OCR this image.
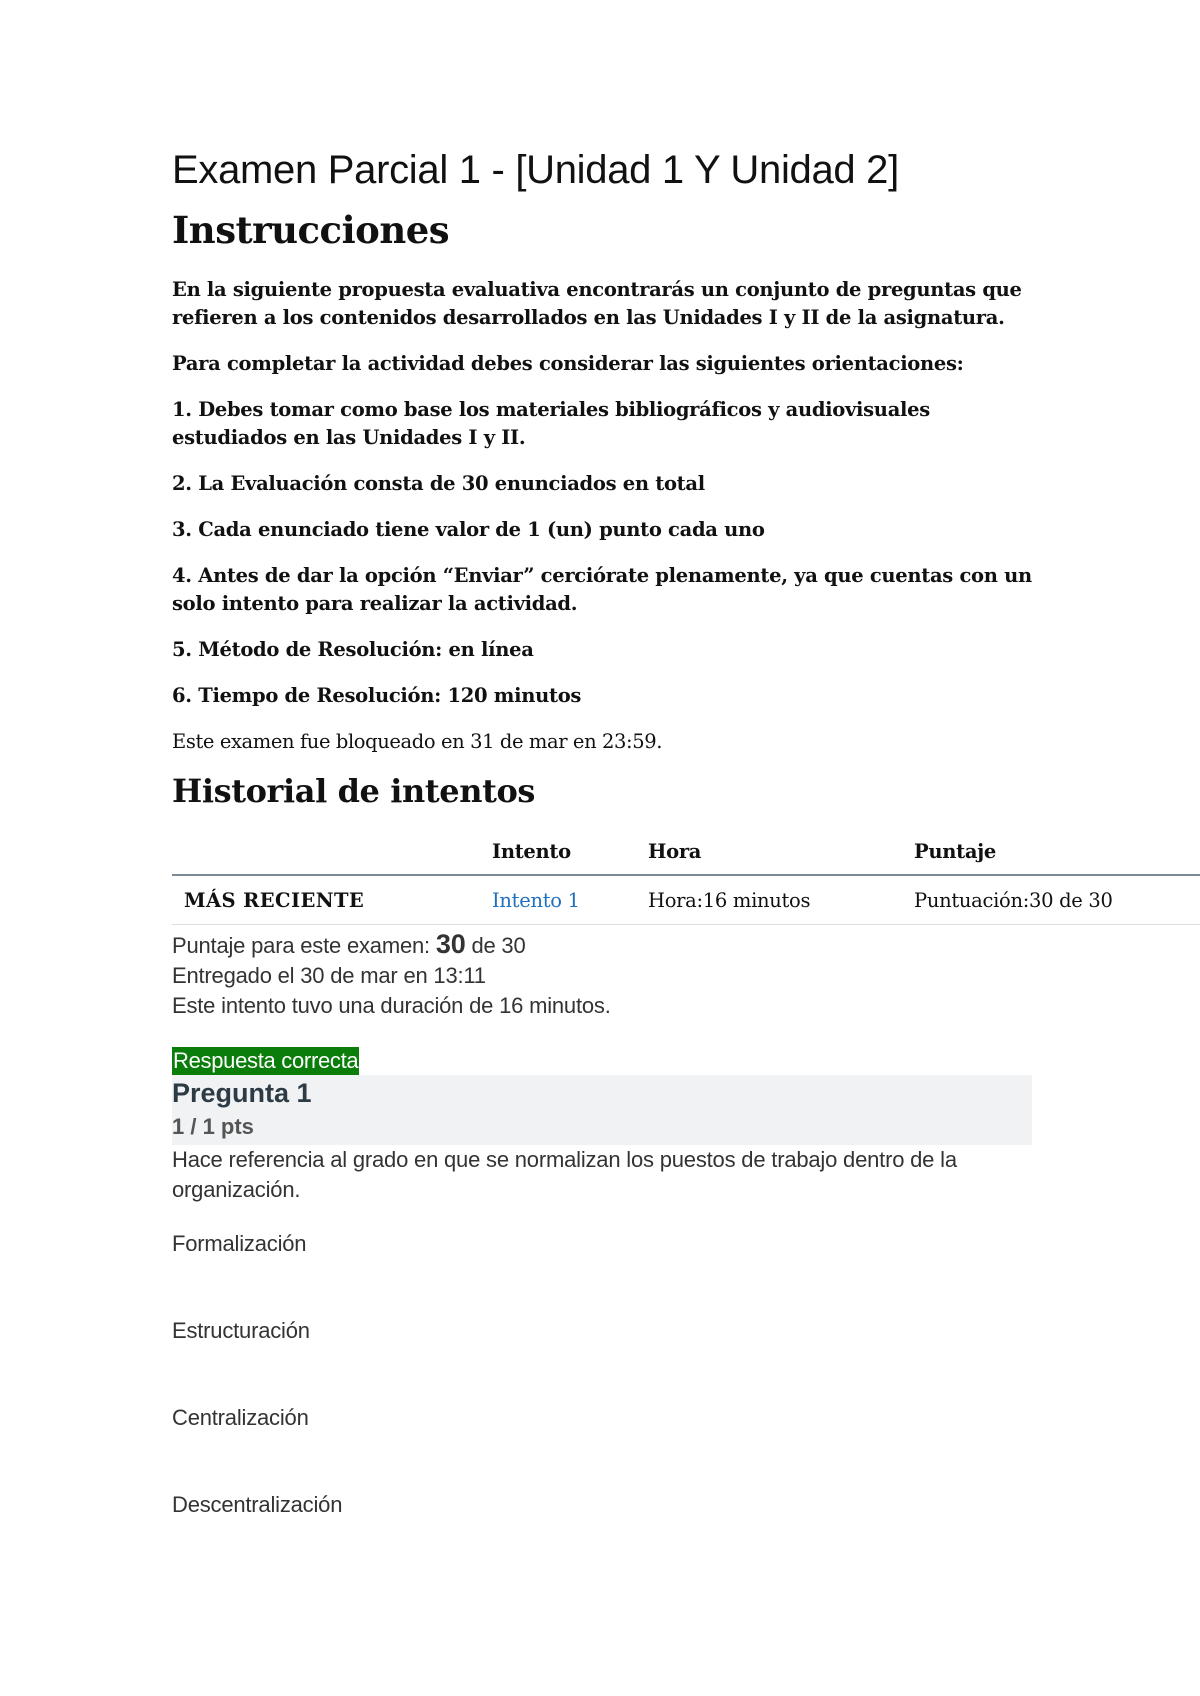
Examen Parcial 1 - [Unidad 1 Y Unidad 2]
Instrucciones

En la siguiente propuesta evaluativa encontrarás un conjunto de preguntas que refieren a los contenidos desarrollados en las Unidades I y II de la asignatura.

Para completar la actividad debes considerar las siguientes orientaciones:

1. Debes tomar como base los materiales bibliográficos y audiovisuales estudiados en las Unidades I y II.

2. La Evaluación consta de 30 enunciados en total

3. Cada enunciado tiene valor de 1 (un) punto cada uno

4. Antes de dar la opción “Enviar” cerciórate plenamente, ya que cuentas con un solo intento para realizar la actividad.

5. Método de Resolución: en línea

6. Tiempo de Resolución: 120 minutos

Este examen fue bloqueado en 31 de mar en 23:59.

Historial de intentos
	Intento	Hora	Puntaje
MÁS RECIENTE	Intento 1	Hora:16 minutos	Puntuación:30 de 30
Puntaje para este examen: 30 de 30
Entregado el 30 de mar en 13:11
Este intento tuvo una duración de 16 minutos.
Respuesta correcta
Pregunta 1
1 / 1 pts
Hace referencia al grado en que se normalizan los puestos de trabajo dentro de la organización.
Formalización
Estructuración
Centralización
Descentralización
